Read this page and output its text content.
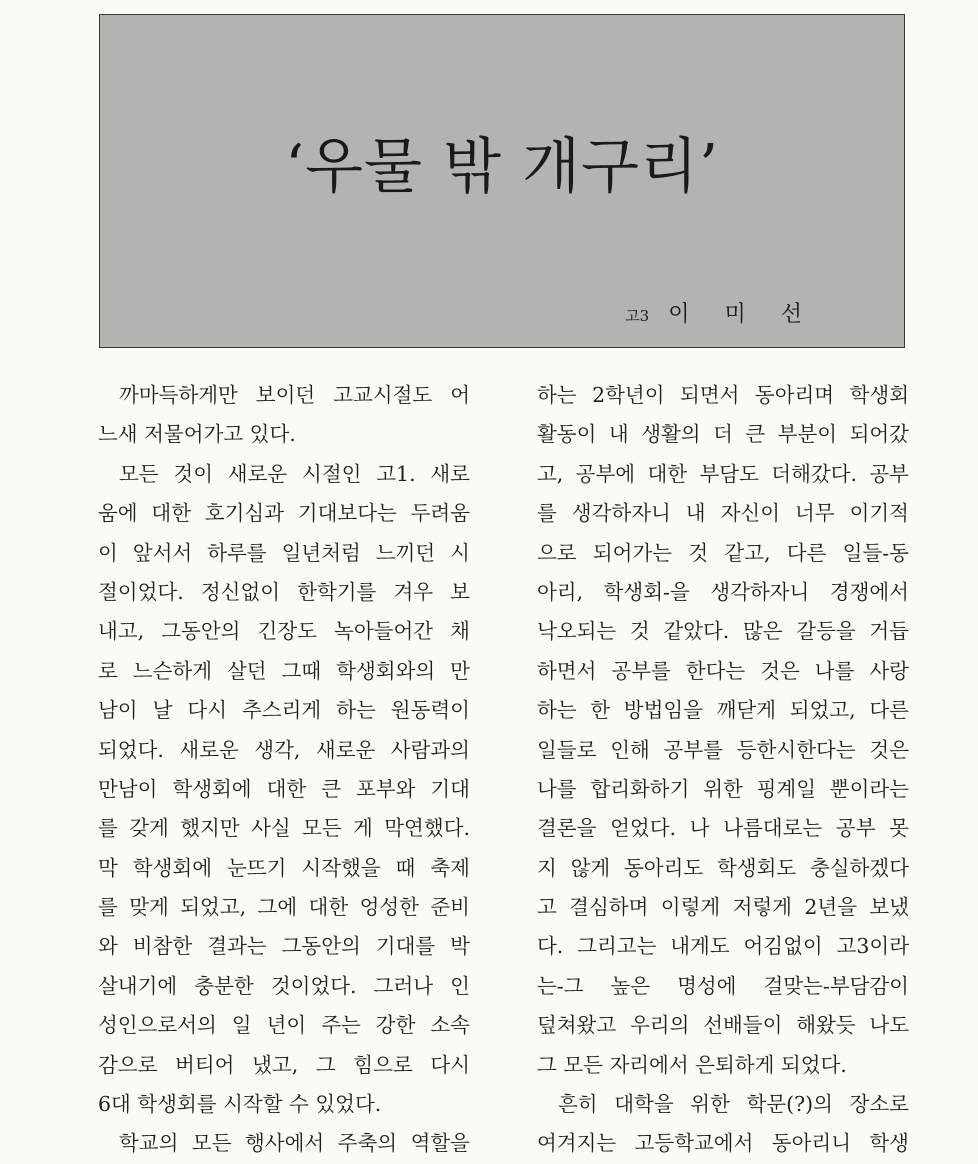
‘우물 밖 개구리’
고3 이 미 선
까마득하게만 보이던 고교시절도 어
느새 저물어가고 있다.
모든 것이 새로운 시절인 고1. 새로
움에 대한 호기심과 기대보다는 두려움
이 앞서서 하루를 일년처럼 느끼던 시
절이었다. 정신없이 한학기를 겨우 보
내고, 그동안의 긴장도 녹아들어간 채
로 느슨하게 살던 그때 학생회와의 만
남이 날 다시 추스리게 하는 원동력이
되었다. 새로운 생각, 새로운 사람과의
만남이 학생회에 대한 큰 포부와 기대
를 갖게 했지만 사실 모든 게 막연했다.
막 학생회에 눈뜨기 시작했을 때 축제
를 맞게 되었고, 그에 대한 엉성한 준비
와 비참한 결과는 그동안의 기대를 박
살내기에 충분한 것이었다. 그러나 인
성인으로서의 일 년이 주는 강한 소속
감으로 버티어 냈고, 그 힘으로 다시
6대 학생회를 시작할 수 있었다.
학교의 모든 행사에서 주축의 역할을
하는 2학년이 되면서 동아리며 학생회
활동이 내 생활의 더 큰 부분이 되어갔
고, 공부에 대한 부담도 더해갔다. 공부
를 생각하자니 내 자신이 너무 이기적
으로 되어가는 것 같고, 다른 일들-동
아리, 학생회-을 생각하자니 경쟁에서
낙오되는 것 같았다. 많은 갈등을 거듭
하면서 공부를 한다는 것은 나를 사랑
하는 한 방법임을 깨닫게 되었고, 다른
일들로 인해 공부를 등한시한다는 것은
나를 합리화하기 위한 핑계일 뿐이라는
결론을 얻었다. 나 나름대로는 공부 못
지 않게 동아리도 학생회도 충실하겠다
고 결심하며 이렇게 저렇게 2년을 보냈
다. 그리고는 내게도 어김없이 고3이라
는-그 높은 명성에 걸맞는-부담감이
덮쳐왔고 우리의 선배들이 해왔듯 나도
그 모든 자리에서 은퇴하게 되었다.
흔히 대학을 위한 학문(?)의 장소로
여겨지는 고등학교에서 동아리니 학생
